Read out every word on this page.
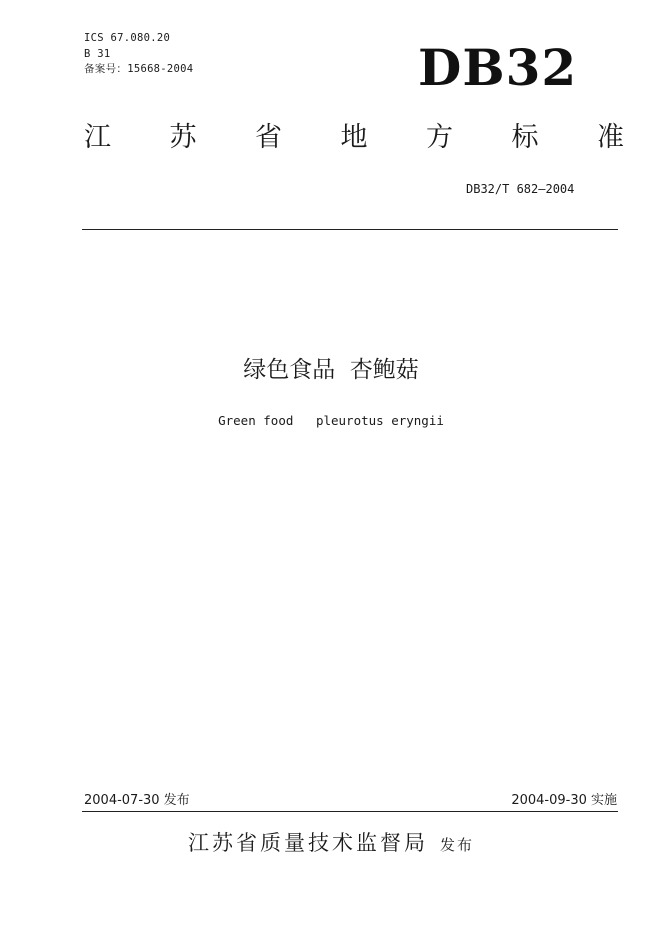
ICS 67.080.20
B 31
备案号：15668-2004	DB32
江 苏 省 地 方 标 准
DB32/T 682—2004
绿色食品  杏鲍菇
Green food   pleurotus eryngii
2004-07-30 发布	2004-09-30 实施
江苏省质量技术监督局 发布
